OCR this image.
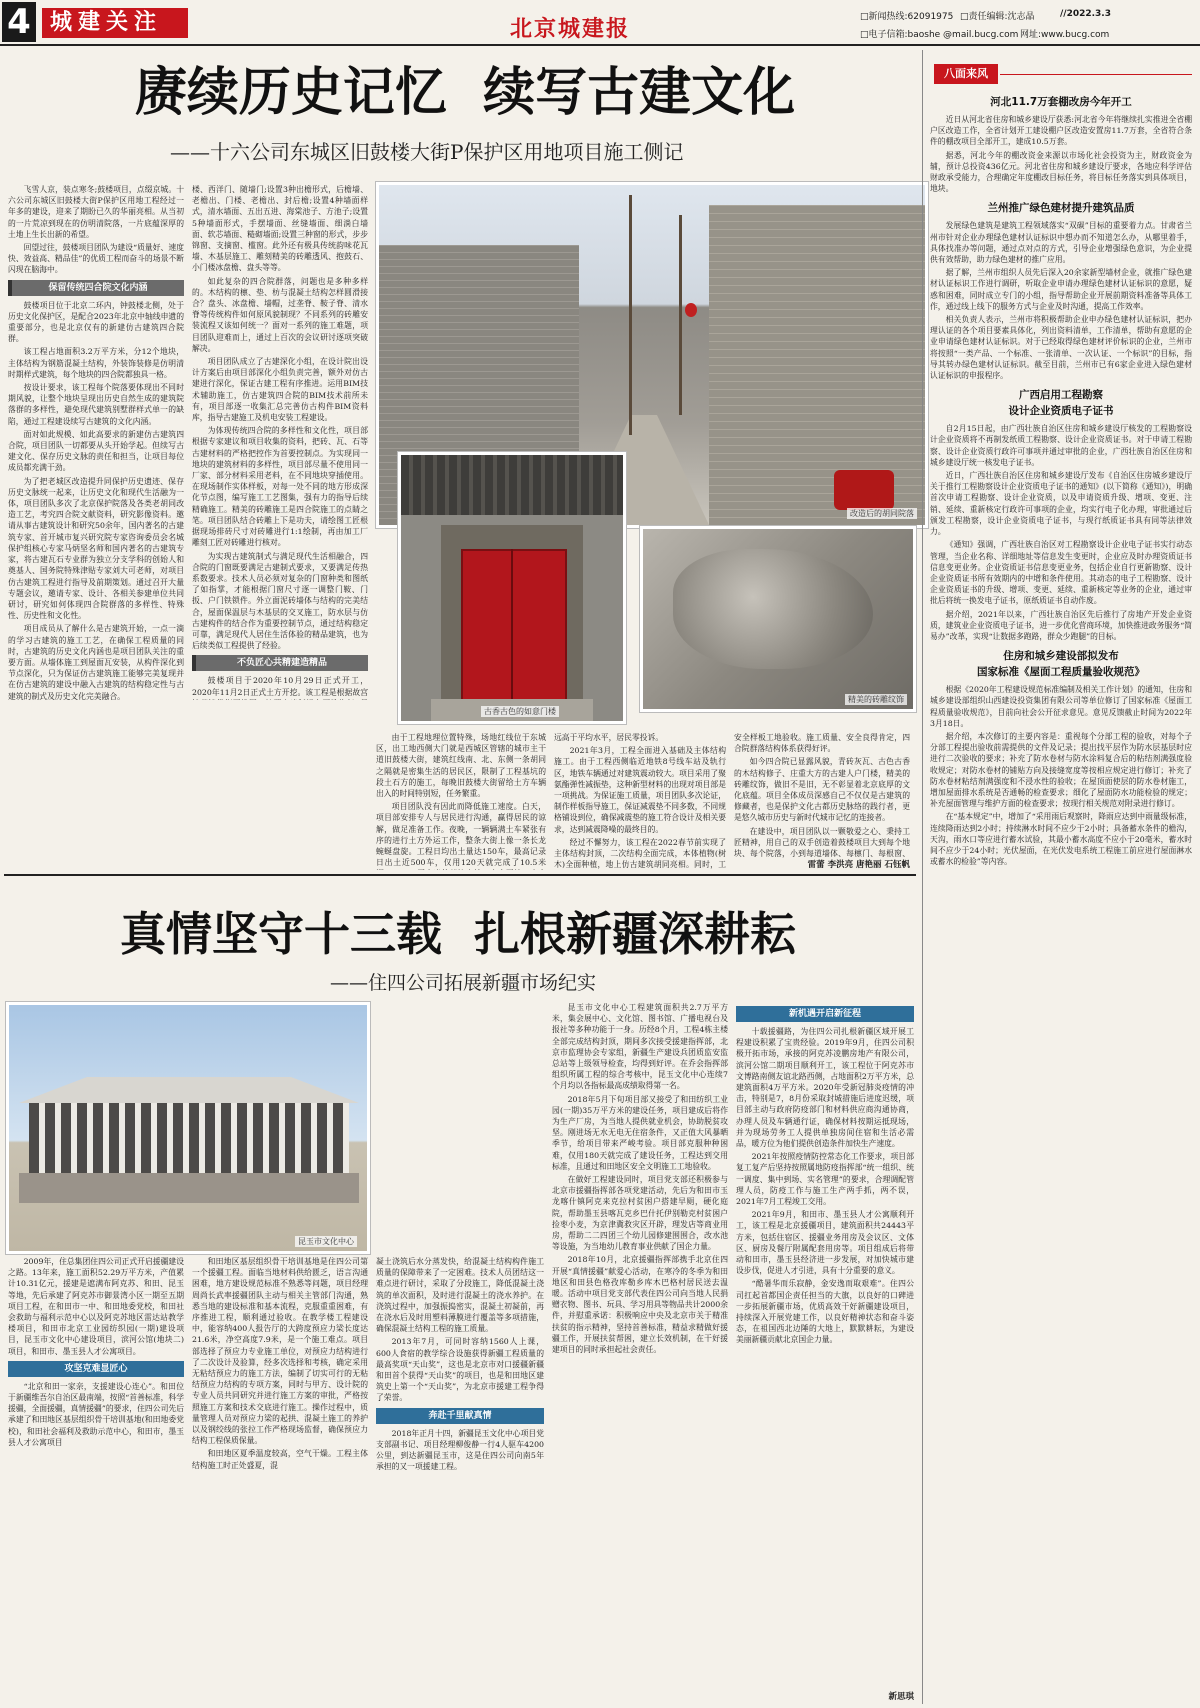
4 城建关注	北京城建报	□新闻热线:62091975 □责任编辑:沈志晶	//2022.3.3
□电子信箱:baoshe @mail.bucg.com 网址:www.bucg.com
赓续历史记忆  续写古建文化
——十六公司东城区旧鼓楼大街P保护区用地项目施工侧记

飞雪人京，装点寒冬;鼓楼项目，点缀京城。十六公司东城区旧鼓楼大街P保护区用地工程经过一年多的建设，迎来了期盼已久的华丽亮相。从当初的一片荒凉到现在的仿明清院落，一片底蕴深厚的土地上生长出新的希望。

回望过往，鼓楼项目团队为建设“质量好、速度快、效益高、精品佳”的优质工程而奋斗的场景不断闪现在脑海中。

保留传统四合院文化内涵

鼓楼项目位于北京二环内，钟鼓楼北侧，处于历史文化保护区，是配合2023年北京中轴线申遗的重要部分，也是北京仅有的新建仿古建筑四合院群。

该工程占地面积3.2万平方米，分12个地块，主体结构为钢筋混凝土结构，外装饰装修是仿明清时期样式建筑，每个地块的四合院都独具一格。

按设计要求，该工程每个院落要体现出不同时期风貌，让整个地块呈现出历史自然生成的建筑院落群的多样性，避免现代建筑别墅群样式单一的缺陷，通过工程建设续写古建筑的文化内涵。

面对如此规模、如此高要求的新建仿古建筑四合院，项目团队一切都要从头开始学起。但续写古建文化、保存历史文脉的责任和担当，让项目每位成员都充满干劲。

为了把老城区改造提升同保护历史遗迹、保存历史文脉统一起来，让历史文化和现代生活融为一体，项目团队多次了北京保护院落及各类老胡同改造工艺，考究四合院文献资料，研究影像资料。邀请从事古建筑设计和研究50余年，国内著名的古建筑专家、首开城市复兴研究院专家咨询委员会名城保护组核心专家马炳坚名师和国内著名的古建筑专家，将古建瓦石专业群为独立分支学科的创始人和奠基人、国务院特殊津贴专家刘大可老师，对项目仿古建筑工程进行指导及前期策划。通过召开大量专题会议，邀请专家、设计、各相关参建单位共同研讨，研究如何体现四合院群落的多样性、特殊性、历史性和文化性。

项目成员从了解什么是古建筑开始，一点一滴的学习古建筑的施工工艺，在确保工程质量的同时，古建筑的历史文化内涵也是项目团队关注的重要方面。从墙体施工到屋面瓦安装，从构件深化到节点深化，只为保证仿古建筑施工能够完美复现并在仿古建筑的建设中融入古建筑的结构稳定性与古建筑的制式及历史文化完美融合。

楼、西洋门、随墙门;设置3种出檐形式，后檐墙、老檐出、门楼、老檐出、封后檐;设置4种墙面样式，清水墙面、五出五进、海棠池子、方池子;设置5种墙面形式，手摆墙面、丝缝墙面、细淌白墙面、软芯墙面、糙砌墙面;设置三种窗的形式，步步锦窗、支摘窗、槛窗。此外还有极具传统韵味花瓦墙、木基层施工、雕刻精美的砖雕透风、抱鼓石、小门楼冰盘檐、盘头等等。

如此复杂的四合院群落，问题也是多种多样的。木结构的檩、垫、枋与混凝土结构怎样圆滑接合？盘头、冰盘檐、墙帽，过垄脊、鞍子脊、清水脊等传统构件如何原风貌制现？不同系列的砖雕安装流程又该如何统一？面对一系列的施工难题，项目团队迎难而上，通过上百次的会议研讨逐项突破解决。

项目团队成立了古建深化小组，在设计院出设计方案后由项目部深化小组负责完善，额外对仿古建进行深化，保证古建工程有序推进。运用BIM技术辅助施工，仿古建筑四合院的BIM技术前所未有，项目部逐一收集汇总完善仿古构件BIM资料库，指导古建施工及机电安装工程建设。

为体现传统四合院的多样性和文化性，项目部根据专家建议和项目收集的资料，把砖、瓦、石等古建材料的严格把控作为首要控制点。为实现同一地块的建筑材料的多样性，项目部尽量不使用同一厂家、部分材料采用老料，在不同地块穿插使用。在现场制作实体样板，对每一处不同的地方形成深化节点图，编写施工工艺图集，强有力的指导后续精确施工。精美的砖雕施工是四合院施工的点睛之笔。项目团队结合砖雕上下是功夫，请绘图工匠根据现场排砖尺寸对砖雕进行1:1绘制，再由加工厂雕刻工匠对砖雕进行核对。

为实现古建筑制式与满足现代生活相融合，四合院的门窗既要满足古建制式要求，又要满足传热系数要求。技术人员必须对复杂的门窗种类和图纸了如指掌，才能根据门窗尺寸逐一调整门鞍、门扳、户门铁锁件。外立面泥砖墙体与结构的完美结合，屋面保温层与木基层的交叉施工，防水层与仿古建构件的结合作为重要控制节点，通过结构稳定可靠，满足现代人居住生活体验的精品建筑，也为后续类似工程提供了经验。

不负匠心共精建造精品

鼓楼项目于2020年10月29日正式开工，2020年11月2日正式土方开挖。该工程是根据故宫

改造后的胡同院落
古香古色的如意门楼
精美的砖雕纹饰

由于工程地理位置特殊，场地红线位于东城区，出工地西侧大门就是西城区管辖的城市主干道旧鼓楼大街，建筑红线南、北、东侧一条胡同之隔就是密集生活的居民区，限制了工程基坑的段土石方的施工，每晚旧鼓楼大街留给土方车辆出入的时间特别短，任务繁重。

项目团队没有因此而降低施工速度。白天，项目部安排专人与居民进行沟通，赢得居民的谅解，做足准备工作。夜晚，一辆辆满土车紧张有序的进行土方外运工作，整条大街上像一条长龙蜿蜒盘旋。工程日均出土量达150车，最高记录日出土近500车，仅用120天就完成了10.5米

远高于平均水平，居民零投诉。

2021年3月，工程全面进入基础及主体结构施工。由于工程西侧临近地铁8号线车站及轨行区，地铁车辆通过对建筑震动较大。项目采用了聚氨酯弹性减振垫，这种新型材料的出现对项目部是一项挑战。为保证施工质量，项目团队多次论证，制作样板指导施工，保证减震垫不同多数，不同规格铺设到位，确保减震垫的施工符合设计及相关要求，达到减震降噪的最终目的。

经过不懈努力，该工程在2022春节前实现了主体结构封顶，二次结构全面完成，本体植物(树木)全面种植，地上仿古建筑胡同亮相。同时，工

安全样板工地验收。施工质量、安全良得肯定，四合院群落结构体系获得好评。

如今四合院已显露风貌，青砖灰瓦、古色古香的木结构修子、庄重大方的古建人户门楼，精美的砖雕纹饰，做旧不是旧，无不彰显着北京底厚的文化底蕴。项目全体成员深感自己不仅仅是古建筑的修藏者，也是保护文化古都历史脉络的践行者，更是悠久城市历史与新时代城市记忆的连接者。

在建设中，项目团队以一颗敬爱之心、秉持工匠精神，用自己的双手创造着鼓楼项目大到每个地块、每个院落，小到每道墙体、每檩门、每根窗、

雷蕾 李洪亮 唐艳丽 石钰帆
真情坚守十三载  扎根新疆深耕耘
——住四公司拓展新疆市场纪实
昆玉市文化中心

2009年，住总集团住四公司正式开启援疆建设之路。13年来，施工面积52.29万平方米，产值累计10.31亿元，援建是遮满布阿克苏、和田、昆玉等地，先后承建了阿克苏市御景湾小区一期至五期项目工程，在和田市一中、和田地委党校，和田社会救助与福利示范中心以及阿克苏地区雷达站教学楼项目，和田市北京工业园纺织园(一期)建设项目，昆玉市文化中心建设项目，滨河公馆(地块二)项目，和田市、墨玉县人才公寓项目。

攻坚克难显匠心

“北京和田一家亲，支援建设心连心”。和田位于新疆维吾尔自治区最南端，按照“首善标准，科学援疆，全面援疆，真情援疆”的要求，住四公司先后承建了和田地区基层组织骨干培训基地(和田地委党校)，和田社会福利及救助示范中心，和田市，墨玉县人才公寓项目

和田地区基层组织骨干培训基地是住四公司第一个援疆工程。面临当地材料供给匮乏，语言沟通困难，地方建设规范标准不熟悉等问题，项目经理周尚长武率援疆团队主动与相关主管部门沟通，熟悉当地的建设标准和基本流程，克服重重困难，有序推进工程，顺利通过验收。在教学楼工程建设中，能容纳400人报告厅的大跨度预应力梁长度达21.6米，净空高度7.9米，是一个施工难点。项目部选择了预应力专业施工单位，对预应力结构进行了二次设计及验算，经多次选择和考核，确定采用无粘结预应力的施工方法，编制了切实可行的无粘结预应力结构的专项方案，同时与甲方、设计院的专业人员共同研究并进行施工方案的审批，严格按照施工方案和技术交底进行施工。操作过程中，质量管理人员对预应力梁的起拱、混凝土施工的养护以及钢绞线的张拉工作严格现场监督，确保预应力结构工程保质保量。

和田地区夏季温度较高，空气干燥。工程主体结构施工时正处盛夏，混

凝土浇筑后水分蒸发快，给混凝土结构构件施工质量的保障带来了一定困难。技术人员团结这一难点进行研讨，采取了分段施工，降低混凝土浇筑的单次面积，及时进行混凝土的浇水养护。在浇筑过程中，加强振捣密实，混凝土初凝前，再在浇水后及时用塑料薄膜进行覆盖等多项措施，确保混凝土结构工程的施工质量。

2013年7月，可同时容纳1560人上课，600人食宿的教学综合设施获得新疆工程质量的最高奖项“天山奖”，这也是北京市对口援疆新疆和田首个获得“天山奖”的项目，也是和田地区建筑史上第一个“天山奖”，为北京市援建工程争得了荣誉。

奔赴千里献真情

2018年正月十四，新疆昆玉文化中心项目党支部副书记、项目经理柳俊静一行4人驱车4200公里，到达新疆昆玉市，这是住四公司向南5年承担的又一项援建工程。

昆玉市文化中心工程建筑面积共2.7万平方米，集会展中心、文化馆、图书馆、广播电视台及报社等多种功能于一身。历经8个月，工程4栋主楼全部完成结构封顶，期间多次接受援建指挥部，北京市监理协会专家组，新疆生产建设兵团质监安监总站等上级领导检查，均得到好评。在乔会指挥部组织所属工程的综合考核中，昆玉文化中心连续7个月均以各指标最高成绩取得第一名。

2018年5月下旬项目部又接受了和田纺织工业园(一期)35万平方米的建设任务，项目建成后将作为生产厂房，为当地人提供就业机会，协助脱贫攻坚。刚进场无水无电无住宿条件，又正值大风暴晒季节，给项目带来严峻考验。项目部克服种种困难，仅用180天就完成了建设任务，工程达到交用标准，且通过和田地区安全文明施工工地验收。

在做好工程建设同时，项目党支部还积极参与北京市援疆指挥部各项党建活动，先后为和田市玉龙喀什镇阿克来克拉村贫困户搭建早厕，硬化庭院，帮助墨玉县喀瓦克乡巴什托伊别勒克村贫困户捡枣小麦，为京津冀救灾区开辟，理发店等商业用房，帮助二二四团三个幼儿园修建围围合，改水池等设施，为当地幼儿教育事业供献了国企力量。

2018年10月，北京援疆指挥部携手北京住四开展“真情援疆”献爱心活动，在寒冷的冬季为和田地区和田县色格孜库勒乡库木巴格村居民送去温暖。活动中项目党支部代表住四公司向当地人民捐赠衣物、图书、玩具、学习用具等物品共计2000余件，并慰重承诺：积极响应中央及北京市关于精准扶贫的指示精神，坚持首善标准，精益求精做好援疆工作，开展扶贫帮困，建立长效机制，在干好援建项目的同时承担起社会责任。

新机遇开启新征程

十载援疆路，为住四公司扎根新疆区域开展工程建设积累了宝贵经验。2019年9月，住四公司积极开拓市场，承接的阿克苏凌鹏房地产有限公司，滨河公馆二期项目顺利开工，该工程位于阿克苏市文博路南侧友谊北路西侧，占地面积2万平方米，总建筑面积4万平方米。2020年受新冠肺炎疫情的冲击，特别是7，8月份采取封城措施后进度迟缓，项目部主动与政府防疫部门和材料供应商沟通协商，办理人员及车辆通行证，确保材料按期运抵现场，并为现场劳务工人提供单独房间住宿和生活必需品，暖方位为他们提供创造条件加快生产速度。

2021年按照疫情防控常态化工作要求，项目部复工复产后坚持按照属地防疫指挥部“统一组织、统一调度、集中到场、实名管理”的要求，合理调配管理人员，防疫工作与施工生产两手抓，两不误，2021年7月工程竣工交用。

2021年9月，和田市、墨玉县人才公寓顺利开工，该工程是北京援疆项目，建筑面积共24443平方米，包括住宿区、援疆业务用房及会议区、文体区、厨房及餐厅附属配套用房等。项目组成后将带动和田市，墨玉县经济进一步发展，对加快城市建设步伐，促进人才引进，具有十分重要的意义。

“酷暑华而乐寂静，金安逸而取艰难”。住四公司扛起首都国企责任担当的大旗，以良好的口碑进一步拓展新疆市场，优质高效干好新疆建设项目，持续深入开展党建工作，以良好精神状态和奋斗姿态，在祖国西北边陲的大地上，默默耕耘，为建设美丽新疆贡献北京国企力量。

新思琪
八面来风
河北11.7万套棚改房今年开工

近日从河北省住房和城乡建设厅获悉:河北省今年将继续扎实推进全省棚户区改造工作，全省计划开工建设棚户区改造安置房11.7万套，全省符合条件的棚改项目全部开工，建成10.5万套。

据悉，河北今年的棚改资金来源以市场化社会投资为主，财政资金为辅，预计总投资436亿元。河北省住房和城乡建设厅要求，各地应科学评估财政承受能力，合理确定年度棚改目标任务，将目标任务落实到具体项目，地块。

兰州推广绿色建材提升建筑品质

发展绿色建筑是建筑工程领域落实“双碳”目标的重要着力点。甘肃省兰州市针对企业办理绿色建材认证标识中想办而不知道怎么办，从哪里着手，具体找准办等问题，通过点对点的方式，引导企业增强绿色意识，为企业提供有效帮助，助力绿色建材的推广应用。

据了解，兰州市组织人员先后深入20余家新型墙材企业，就推广绿色建材认证标识工作进行调研，听取企业申请办理绿色建材认证标识的意愿，疑惑和困难，同时成立专门的小组，指导帮助企业开展前期资料准备等具体工作，通过线上线下的服务方式与企业及时沟通，提高工作效率。

相关负责人表示，兰州市将积极帮助企业申办绿色建材认证标识，把办理认证的各个项目要素具体化，列出资料清单，工作清单，帮助有意愿的企业申请绿色建材认证标识。对于已经取得绿色建材评价标识的企业，兰州市将按照“一类产品、一个标准、一张清单、一次认证、一个标识”的目标，指导其转办绿色建材认证标识。截至目前，兰州市已有6家企业进入绿色建材认证标识的申报程序。

广西启用工程勘察
设计企业资质电子证书

自2月15日起，由广西壮族自治区住房和城乡建设厅核发的工程勘察设计企业资质将不再制发纸质工程勘察、设计企业资质证书。对于申请工程勘察、设计企业资质行政许可事项并通过审批的企业，广西壮族自治区住房和城乡建设厅统一核发电子证书。

近日，广西壮族自治区住房和城乡建设厅发布《自治区住房城乡建设厅关于推行工程勘察设计企业资质电子证书的通知》(以下简称《通知》)，明确首次申请工程勘察、设计企业资质，以及申请资质升级、增项、变更、注销、延续、重新核定行政许可事项的企业，均实行电子化办理，审批通过后颁发工程勘察，设计企业资质电子证书，与现行纸质证书具有同等法律效力。

《通知》强调，广西壮族自治区对工程勘察设计企业电子证书实行动态管理，当企业名称、详细地址等信息发生变更时，企业应及时办理资质证书信息变更业务。企业资质证书信息变更业务，包括企业自行更新勘察、设计企业资质证书所有效期内的中增和条件使用。其动态的电子工程勘察、设计企业资质证书的升级、增项、变更、延续、重新核定等业务的企业，通过审批后将统一换发电子证书，原纸质证书自动作废。

据介绍，2021年以来，广西壮族自治区先后推行了房地产开发企业资质，建筑业企业资质电子证书，进一步优化营商环境，加快推进政务服务“简易办”改革，实现“让数据多跑路，群众少跑腿”的目标。

住房和城乡建设部拟发布
国家标准《屋面工程质量验收规范》

根据《2020年工程建设规范标准编制及相关工作计划》的通知，住房和城乡建设部组织山西建设投资集团有限公司等单位修订了国家标准《屋面工程质量验收规范》，目前向社会公开征求意见。意见反馈截止时间为2022年3月18日。

据介绍，本次修订的主要内容是：重视每个分部工程的验收，对每个子分部工程提出验收前需提供的文件及记录；提出找平层作为防水层基层时应进行二次验收的要求；补充了防水卷材与防水涂料复合后的粘结剂满强度验收规定；对防水卷材的铺贴方向及接缝宽度等按相应规定进行修订；补充了防水卷材粘结剂满强度和不浸水性的验收；在屋顶面使层的防水卷材施工，增加屋面排水系统是否通畅的检查要求；细化了屋面防水功能检验的规定；补充屋面管理与维护方面的检查要求；按现行相关规范对附录进行修订。

在“基本规定”中，增加了“采用雨后观察时，降雨应达到中雨量级标准，连续降雨达到2小时；持续淋水时间不应少于2小时；具备蓄水条件的檐沟，天沟，雨水口等应进行蓄水试验，其最小蓄水高度不应小于20毫米，蓄水时间不应少于24小时；光伏屋面，在光伏发电系统工程施工前应进行屋面淋水或蓄水的检验”等内容。
